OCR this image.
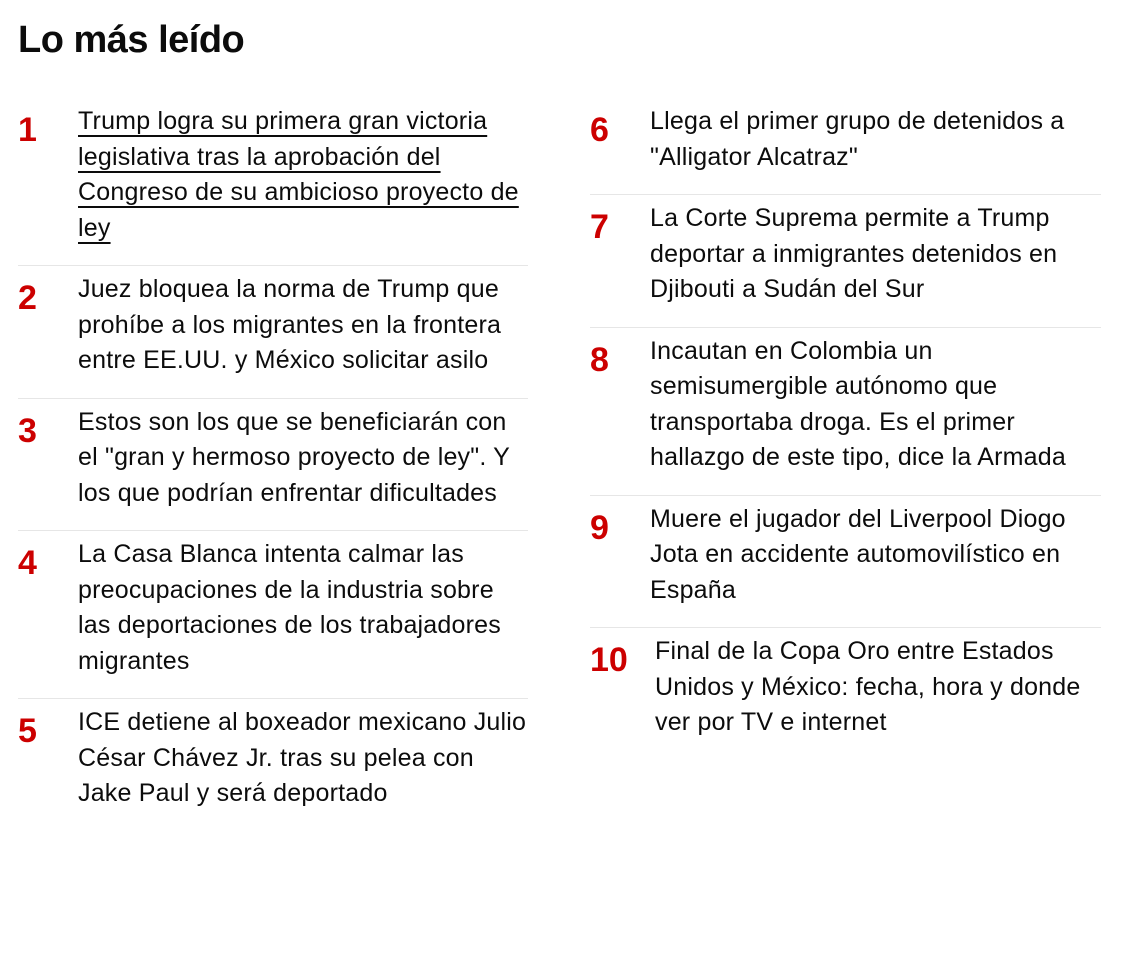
Lo más leído
1	Trump logra su primera gran victoria legislativa tras la aprobación del Congreso de su ambicioso proyecto de ley
2	Juez bloquea la norma de Trump que prohíbe a los migrantes en la frontera entre EE.UU. y México solicitar asilo
3	Estos son los que se beneficiarán con el "gran y hermoso proyecto de ley". Y los que podrían enfrentar dificultades
4	La Casa Blanca intenta calmar las preocupaciones de la industria sobre las deportaciones de los trabajadores migrantes
5	ICE detiene al boxeador mexicano Julio César Chávez Jr. tras su pelea con Jake Paul y será deportado
6	Llega el primer grupo de detenidos a "Alligator Alcatraz"
7	La Corte Suprema permite a Trump deportar a inmigrantes detenidos en Djibouti a Sudán del Sur
8	Incautan en Colombia un semisumergible autónomo que transportaba droga. Es el primer hallazgo de este tipo, dice la Armada
9	Muere el jugador del Liverpool Diogo Jota en accidente automovilístico en España
10	Final de la Copa Oro entre Estados Unidos y México: fecha, hora y donde ver por TV e internet
